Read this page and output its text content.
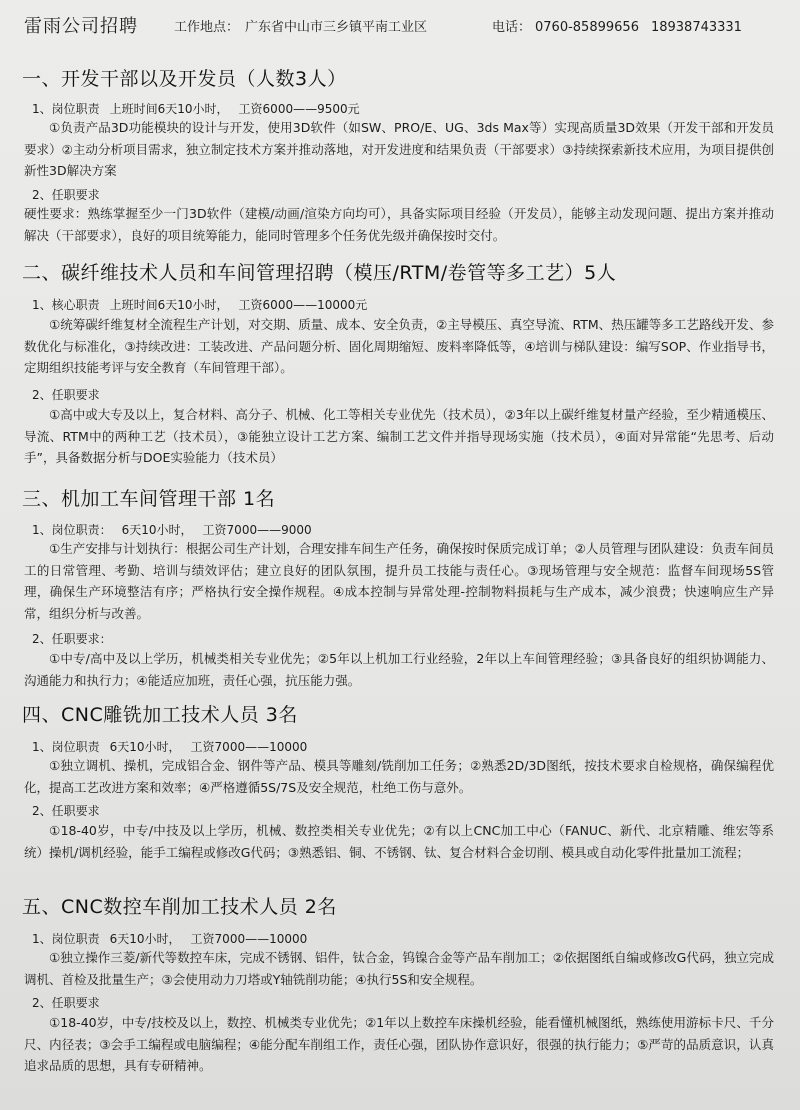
雷雨公司招聘	工作地点： 广东省中山市三乡镇平南工业区	电话： 0760-85899656 18938743331
一、开发干部以及开发员（人数3人）
1、岗位职责 上班时间6天10小时， 工资6000——9500元

①负责产品3D功能模块的设计与开发，使用3D软件（如SW、PRO/E、UG、3ds Max等）实现高质量3D效果（开发干部和开发员要求）②主动分析项目需求，独立制定技术方案并推动落地，对开发进度和结果负责（干部要求）③持续探索新技术应用，为项目提供创新性3D解决方案

2、任职要求

硬性要求：熟练掌握至少一门3D软件（建模/动画/渲染方向均可），具备实际项目经验（开发员），能够主动发现问题、提出方案并推动解决（干部要求），良好的项目统筹能力，能同时管理多个任务优先级并确保按时交付。

二、碳纤维技术人员和车间管理招聘（模压/RTM/卷管等多工艺）5人
1、核心职责 上班时间6天10小时， 工资6000——10000元

①统筹碳纤维复材全流程生产计划，对交期、质量、成本、安全负责，②主导模压、真空导流、RTM、热压罐等多工艺路线开发、参数优化与标准化，③持续改进：工装改进、产品问题分析、固化周期缩短、废料率降低等，④培训与梯队建设：编写SOP、作业指导书，定期组织技能考评与安全教育（车间管理干部）。

2、任职要求

①高中或大专及以上，复合材料、高分子、机械、化工等相关专业优先（技术员），②3年以上碳纤维复材量产经验，至少精通模压、导流、RTM中的两种工艺（技术员），③能独立设计工艺方案、编制工艺文件并指导现场实施（技术员），④面对异常能“先思考、后动手”，具备数据分析与DOE实验能力（技术员）

三、机加工车间管理干部 1名
1、岗位职责： 6天10小时， 工资7000——9000

①生产安排与计划执行：根据公司生产计划，合理安排车间生产任务，确保按时保质完成订单；②人员管理与团队建设：负责车间员工的日常管理、考勤、培训与绩效评估；建立良好的团队氛围，提升员工技能与责任心。③现场管理与安全规范：监督车间现场5S管理，确保生产环境整洁有序；严格执行安全操作规程。④成本控制与异常处理-控制物料损耗与生产成本，减少浪费；快速响应生产异常，组织分析与改善。

2、任职要求：

①中专/高中及以上学历，机械类相关专业优先；②5年以上机加工行业经验，2年以上车间管理经验；③具备良好的组织协调能力、沟通能力和执行力；④能适应加班，责任心强，抗压能力强。

四、CNC雕铣加工技术人员 3名
1、岗位职责 6天10小时， 工资7000——10000

①独立调机、操机，完成铝合金、钢件等产品、模具等雕刻/铣削加工任务；②熟悉2D/3D图纸，按技术要求自检规格，确保编程优化，提高工艺改进方案和效率；④严格遵循5S/7S及安全规范，杜绝工伤与意外。

2、任职要求

①18-40岁，中专/中技及以上学历，机械、数控类相关专业优先；②有以上CNC加工中心（FANUC、新代、北京精雕、维宏等系统）操机/调机经验，能手工编程或修改G代码；③熟悉铝、铜、不锈钢、钛、复合材料合金切削、模具或自动化零件批量加工流程；

五、CNC数控车削加工技术人员 2名
1、岗位职责 6天10小时， 工资7000——10000

①独立操作三菱/新代等数控车床，完成不锈钢、铝件，钛合金，钨镍合金等产品车削加工；②依据图纸自编或修改G代码，独立完成调机、首检及批量生产；③会使用动力刀塔或Y轴铣削功能；④执行5S和安全规程。

2、任职要求

①18-40岁，中专/技校及以上，数控、机械类专业优先；②1年以上数控车床操机经验，能看懂机械图纸，熟练使用游标卡尺、千分尺、内径表；③会手工编程或电脑编程；④能分配车削组工作，责任心强，团队协作意识好，很强的执行能力；⑤严苛的品质意识，认真追求品质的思想，具有专研精神。
